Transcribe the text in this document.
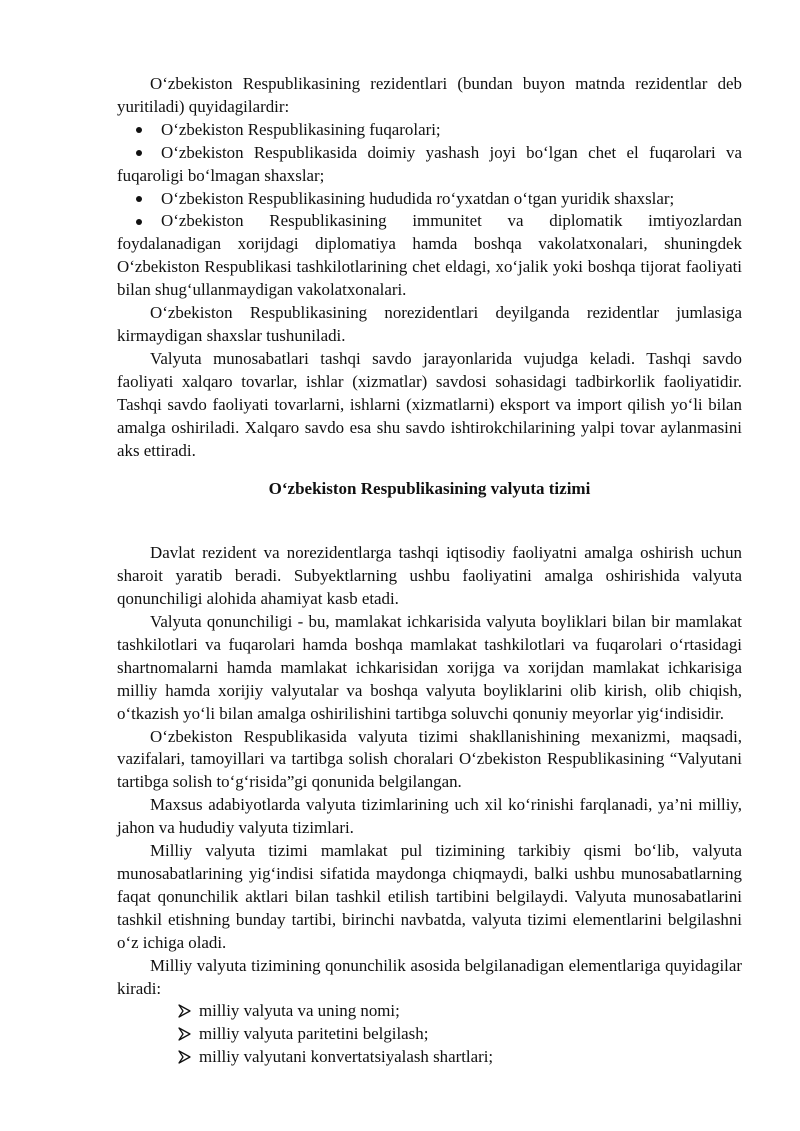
O‘zbekiston Respublikasining rezidentlari (bundan buyon matnda rezidentlar deb yuritiladi) quyidagilardir:

O‘zbekiston Respublikasining fuqarolari;

O‘zbekiston Respublikasida doimiy yashash joyi bo‘lgan chet el fuqarolari va fuqaroligi bo‘lmagan shaxslar;

O‘zbekiston Respublikasining hududida ro‘yxatdan o‘tgan yuridik shaxslar;

O‘zbekiston Respublikasining immunitet va diplomatik imtiyozlardan foydalanadigan xorijdagi diplomatiya hamda boshqa vakolatxonalari, shuningdek O‘zbekiston Respublikasi tashkilotlarining chet eldagi, xo‘jalik yoki boshqa tijorat faoliyati bilan shug‘ullanmaydigan vakolatxonalari.

O‘zbekiston Respublikasining norezidentlari deyilganda rezidentlar jumlasiga kirmaydigan shaxslar tushuniladi.

Valyuta munosabatlari tashqi savdo jarayonlarida vujudga keladi. Tashqi savdo faoliyati xalqaro tovarlar, ishlar (xizmatlar) savdosi sohasidagi tadbirkorlik faoliyatidir. Tashqi savdo faoliyati tovarlarni, ishlarni (xizmatlarni) eksport va import qilish yo‘li bilan amalga oshiriladi. Xalqaro savdo esa shu savdo ishtirokchilarining yalpi tovar aylanmasini aks ettiradi.

O‘zbekiston Respublikasining valyuta tizimi

Davlat rezident va norezidentlarga tashqi iqtisodiy faoliyatni amalga oshirish uchun sharoit yaratib beradi. Subyektlarning ushbu faoliyatini amalga oshirishida valyuta qonunchiligi alohida ahamiyat kasb etadi.

Valyuta qonunchiligi - bu, mamlakat ichkarisida valyuta boyliklari bilan bir mamlakat tashkilotlari va fuqarolari hamda boshqa mamlakat tashkilotlari va fuqarolari o‘rtasidagi shartnomalarni hamda mamlakat ichkarisidan xorijga va xorijdan mamlakat ichkarisiga milliy hamda xorijiy valyutalar va boshqa valyuta boyliklarini olib kirish, olib chiqish, o‘tkazish yo‘li bilan amalga oshirilishini tartibga soluvchi qonuniy meyorlar yig‘indisidir.

O‘zbekiston Respublikasida valyuta tizimi shakllanishining mexanizmi, maqsadi, vazifalari, tamoyillari va tartibga solish choralari O‘zbekiston Respublikasining “Valyutani tartibga solish to‘g‘risida”gi qonunida belgilangan.

Maxsus adabiyotlarda valyuta tizimlarining uch xil ko‘rinishi farqlanadi, ya’ni milliy, jahon va hududiy valyuta tizimlari.

Milliy valyuta tizimi mamlakat pul tizimining tarkibiy qismi bo‘lib, valyuta munosabatlarining yig‘indisi sifatida maydonga chiqmaydi, balki ushbu munosabatlarning faqat qonunchilik aktlari bilan tashkil etilish tartibini belgilaydi. Valyuta munosabatlarini tashkil etishning bunday tartibi, birinchi navbatda, valyuta tizimi elementlarini belgilashni o‘z ichiga oladi.

Milliy valyuta tizimining qonunchilik asosida belgilanadigan elementlariga quyidagilar kiradi:

milliy valyuta va uning nomi;

milliy valyuta paritetini belgilash;

milliy valyutani konvertatsiyalash shartlari;
